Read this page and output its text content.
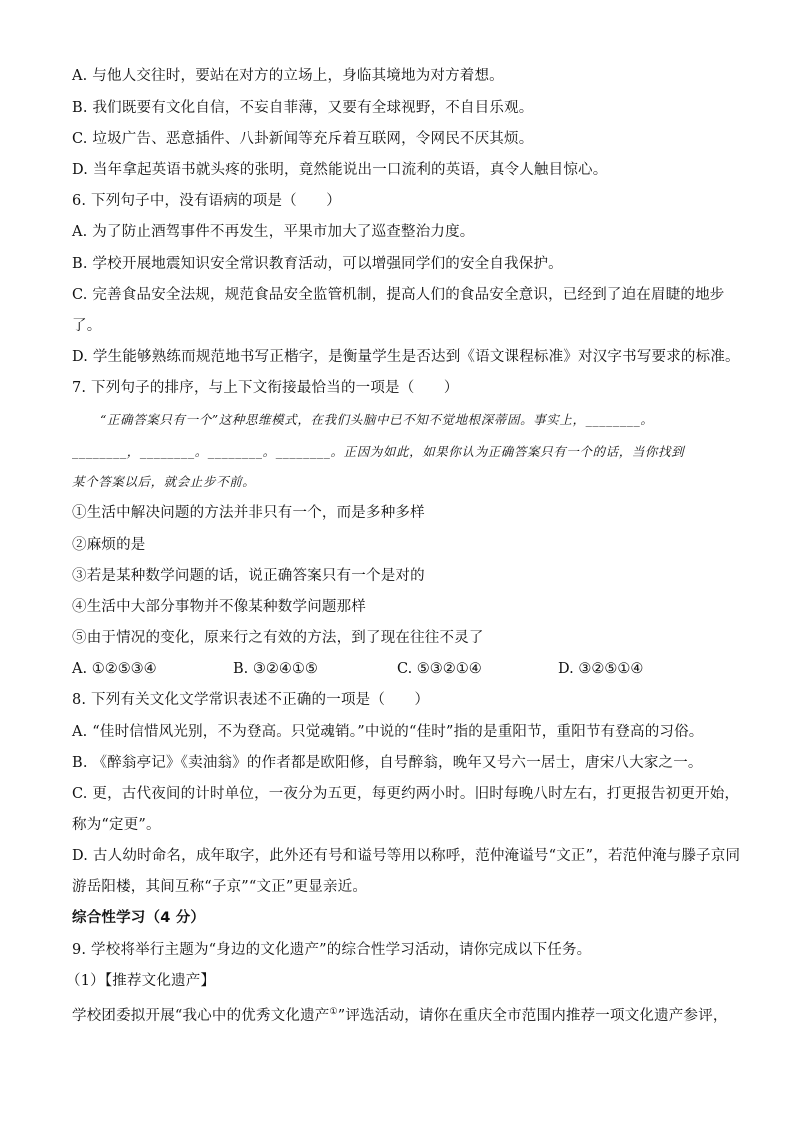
A. 与他人交往时，要站在对方的立场上，身临其境地为对方着想。
B. 我们既要有文化自信，不妄自菲薄，又要有全球视野，不自目乐观。
C. 垃圾广告、恶意插件、八卦新闻等充斥着互联网，令网民不厌其烦。
D. 当年拿起英语书就头疼的张明，竟然能说出一口流利的英语，真令人触目惊心。
6. 下列句子中，没有语病的项是（　　）
A. 为了防止酒驾事件不再发生，平果市加大了巡查整治力度。
B. 学校开展地震知识安全常识教育活动，可以增强同学们的安全自我保护。
C. 完善食品安全法规，规范食品安全监管机制，提高人们的食品安全意识，已经到了迫在眉睫的地步
了。
D. 学生能够熟练而规范地书写正楷字，是衡量学生是否达到《语文课程标准》对汉字书写要求的标准。
7. 下列句子的排序，与上下文衔接最恰当的一项是（　　）
“正确答案只有一个”这种思维模式，在我们头脑中已不知不觉地根深蒂固。事实上，________。
________，________。________。________。正因为如此，如果你认为正确答案只有一个的话，当你找到
某个答案以后，就会止步不前。
①生活中解决问题的方法并非只有一个，而是多种多样
②麻烦的是
③若是某种数学问题的话，说正确答案只有一个是对的
④生活中大部分事物并不像某种数学问题那样
⑤由于情况的变化，原来行之有效的方法，到了现在往往不灵了
A. ①②⑤③④	B. ③②④①⑤	C. ⑤③②①④	D. ③②⑤①④
8. 下列有关文化文学常识表述不正确的一项是（　　）
A. “佳时信惜风光别，不为登高。只觉魂销。”中说的“佳时”指的是重阳节，重阳节有登高的习俗。
B. 《醉翁亭记》《卖油翁》的作者都是欧阳修，自号醉翁，晚年又号六一居士，唐宋八大家之一。
C. 更，古代夜间的计时单位，一夜分为五更，每更约两小时。旧时每晚八时左右，打更报告初更开始，
称为“定更”。
D. 古人幼时命名，成年取字，此外还有号和谥号等用以称呼，范仲淹谥号“文正”，若范仲淹与滕子京同
游岳阳楼，其间互称“子京”“文正”更显亲近。
综合性学习（4 分）
9. 学校将举行主题为“身边的文化遗产”的综合性学习活动，请你完成以下任务。
（1）【推荐文化遗产】
学校团委拟开展“我心中的优秀文化遗产①”评选活动，请你在重庆全市范围内推荐一项文化遗产参评，
